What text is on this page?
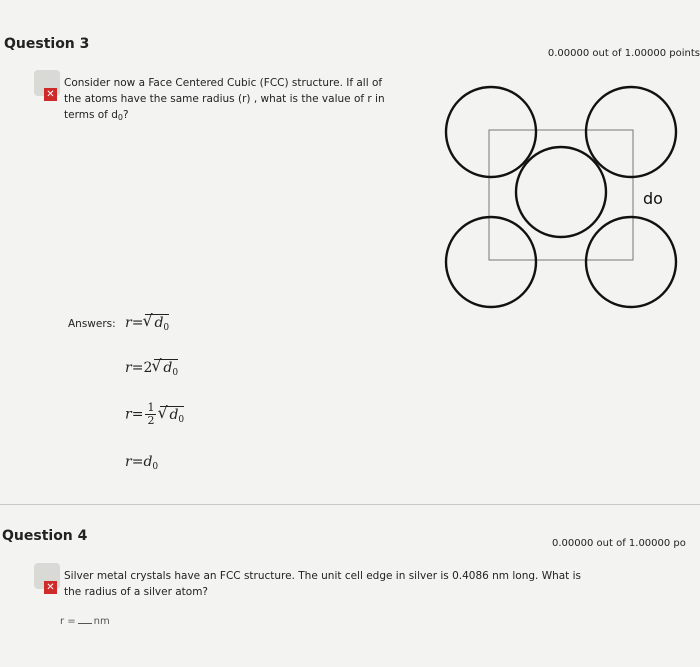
Question 3
0.00000 out of 1.00000 points
✕
Consider now a Face Centered Cubic (FCC) structure. If all of
the atoms have the same radius (r) , what is the value of r in
terms of $d_0$?
do
Answers: r= √ $d_0$
r=2 √ $d_0$
$r= \frac{1}{2}$ √ $d_0$
$r=d_0$
Question 4	0.00000 out of 1.00000 po
✕
Silver metal crystals have an FCC structure. The unit cell edge in silver is 0.4086 nm long. What is
the radius of a silver atom?
r = nm
